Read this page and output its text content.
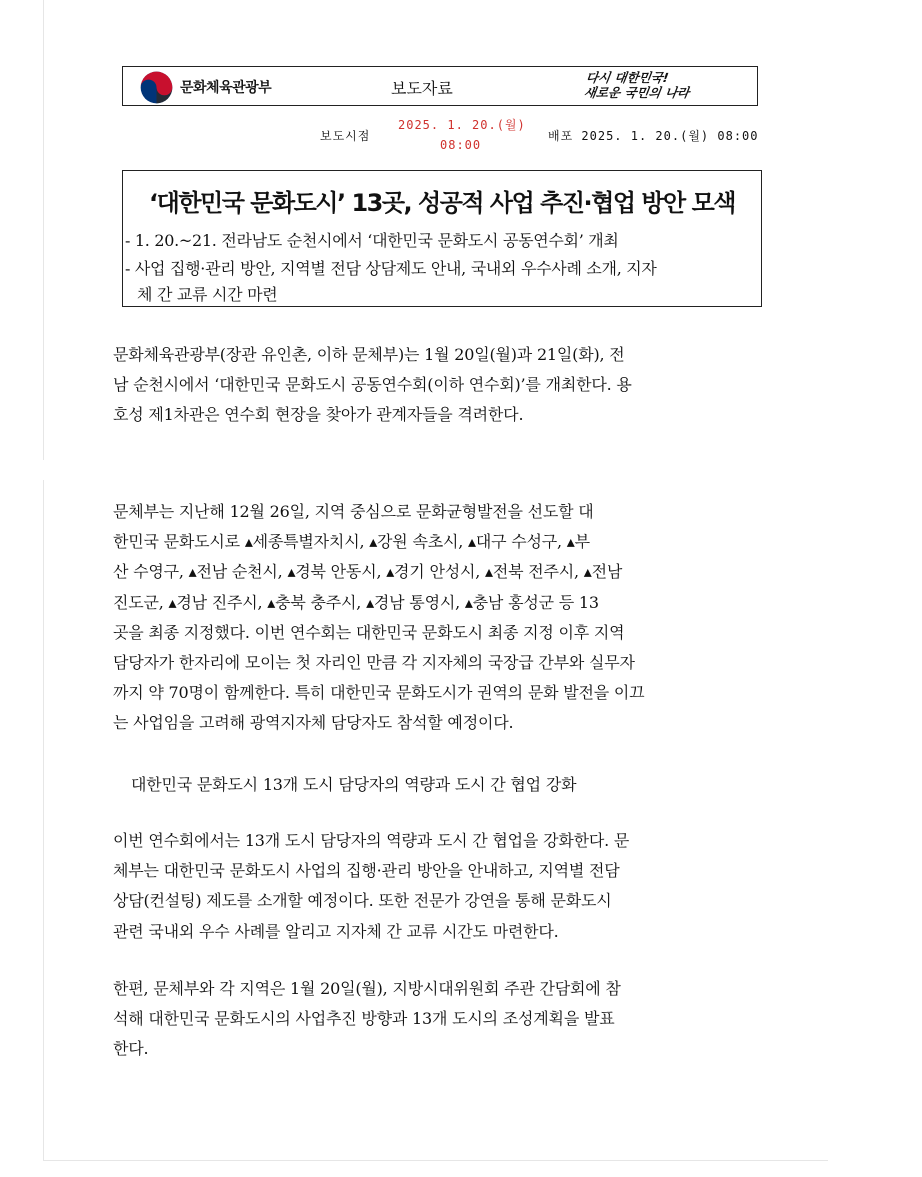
문화체육관광부	보도자료
다시 대한민국!
새로운 국민의 나라
보도시점
2025. 1. 20.(월)
08:00
배포 2025. 1. 20.(월) 08:00
‘대한민국 문화도시’ 13곳, 성공적 사업 추진·협업 방안 모색
- 1. 20.~21. 전라남도 순천시에서 ‘대한민국 문화도시 공동연수회’ 개최
- 사업 집행·관리 방안, 지역별 전담 상담제도 안내, 국내외 우수사례 소개, 지자
체 간 교류 시간 마련
문화체육관광부(장관 유인촌, 이하 문체부)는 1월 20일(월)과 21일(화), 전
남 순천시에서 ‘대한민국 문화도시 공동연수회(이하 연수회)’를 개최한다. 용
호성 제1차관은 연수회 현장을 찾아가 관계자들을 격려한다.
문체부는 지난해 12월 26일, 지역 중심으로 문화균형발전을 선도할 대
한민국 문화도시로 ▴세종특별자치시, ▴강원 속초시, ▴대구 수성구, ▴부
산 수영구, ▴전남 순천시, ▴경북 안동시, ▴경기 안성시, ▴전북 전주시, ▴전남
진도군, ▴경남 진주시, ▴충북 충주시, ▴경남 통영시, ▴충남 홍성군 등 13
곳을 최종 지정했다. 이번 연수회는 대한민국 문화도시 최종 지정 이후 지역
담당자가 한자리에 모이는 첫 자리인 만큼 각 지자체의 국장급 간부와 실무자
까지 약 70명이 함께한다. 특히 대한민국 문화도시가 권역의 문화 발전을 이끄
는 사업임을 고려해 광역지자체 담당자도 참석할 예정이다.
대한민국 문화도시 13개 도시 담당자의 역량과 도시 간 협업 강화
이번 연수회에서는 13개 도시 담당자의 역량과 도시 간 협업을 강화한다. 문
체부는 대한민국 문화도시 사업의 집행·관리 방안을 안내하고, 지역별 전담
상담(컨설팅) 제도를 소개할 예정이다. 또한 전문가 강연을 통해 문화도시
관련 국내외 우수 사례를 알리고 지자체 간 교류 시간도 마련한다.
한편, 문체부와 각 지역은 1월 20일(월), 지방시대위원회 주관 간담회에 참
석해 대한민국 문화도시의 사업추진 방향과 13개 도시의 조성계획을 발표
한다.
